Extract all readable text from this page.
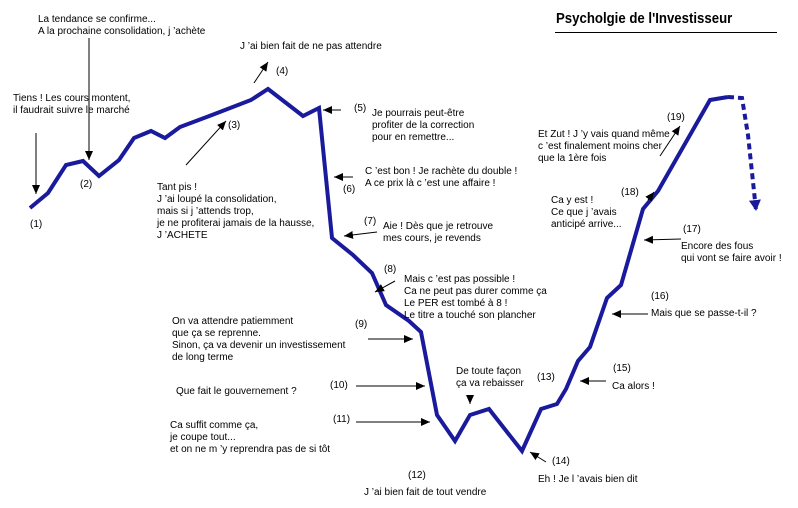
Psycholgie de l'Investisseur
(1)
(2)
(3)
(4)
(5)
(6)
(7)
(8)
(9)
(10)
(11)
(12)
(13)
(14)
(15)
(16)
(17)
(18)
(19)
Tiens ! Les cours montent,
il faudrait suivre le marché
La tendance se confirme...
A la prochaine consolidation, j ’achète
Tant pis !
J ’ai loupé la consolidation,
mais si j ’attends trop,
je ne profiterai jamais de la hausse,
J ’ACHETE
J ’ai bien fait de ne pas attendre
Je pourrais peut-être
profiter de la correction
pour en remettre...
C ’est bon ! Je rachète du double !
A ce prix là c ’est une affaire !
Aie ! Dès que je retrouve
mes cours, je revends
Mais c ’est pas possible !
Ca ne peut pas durer comme ça
Le PER est tombé à 8 !
Le titre a touché son plancher
On va attendre patiemment
que ça se reprenne.
Sinon, ça va devenir un investissement
de long terme
Que fait le gouvernement ?
Ca suffit comme ça,
je coupe tout...
et on ne m ’y reprendra pas de si tôt
J ’ai bien fait de tout vendre
De toute façon
ça va rebaisser
Eh ! Je l ’avais bien dit
Ca alors !
Mais que se passe-t-il ?
Encore des fous
qui vont se faire avoir !
Ca y est !
Ce que j ’avais
anticipé arrive...
Et Zut ! J ’y vais quand même
c ’est finalement moins cher
que la 1ère fois
